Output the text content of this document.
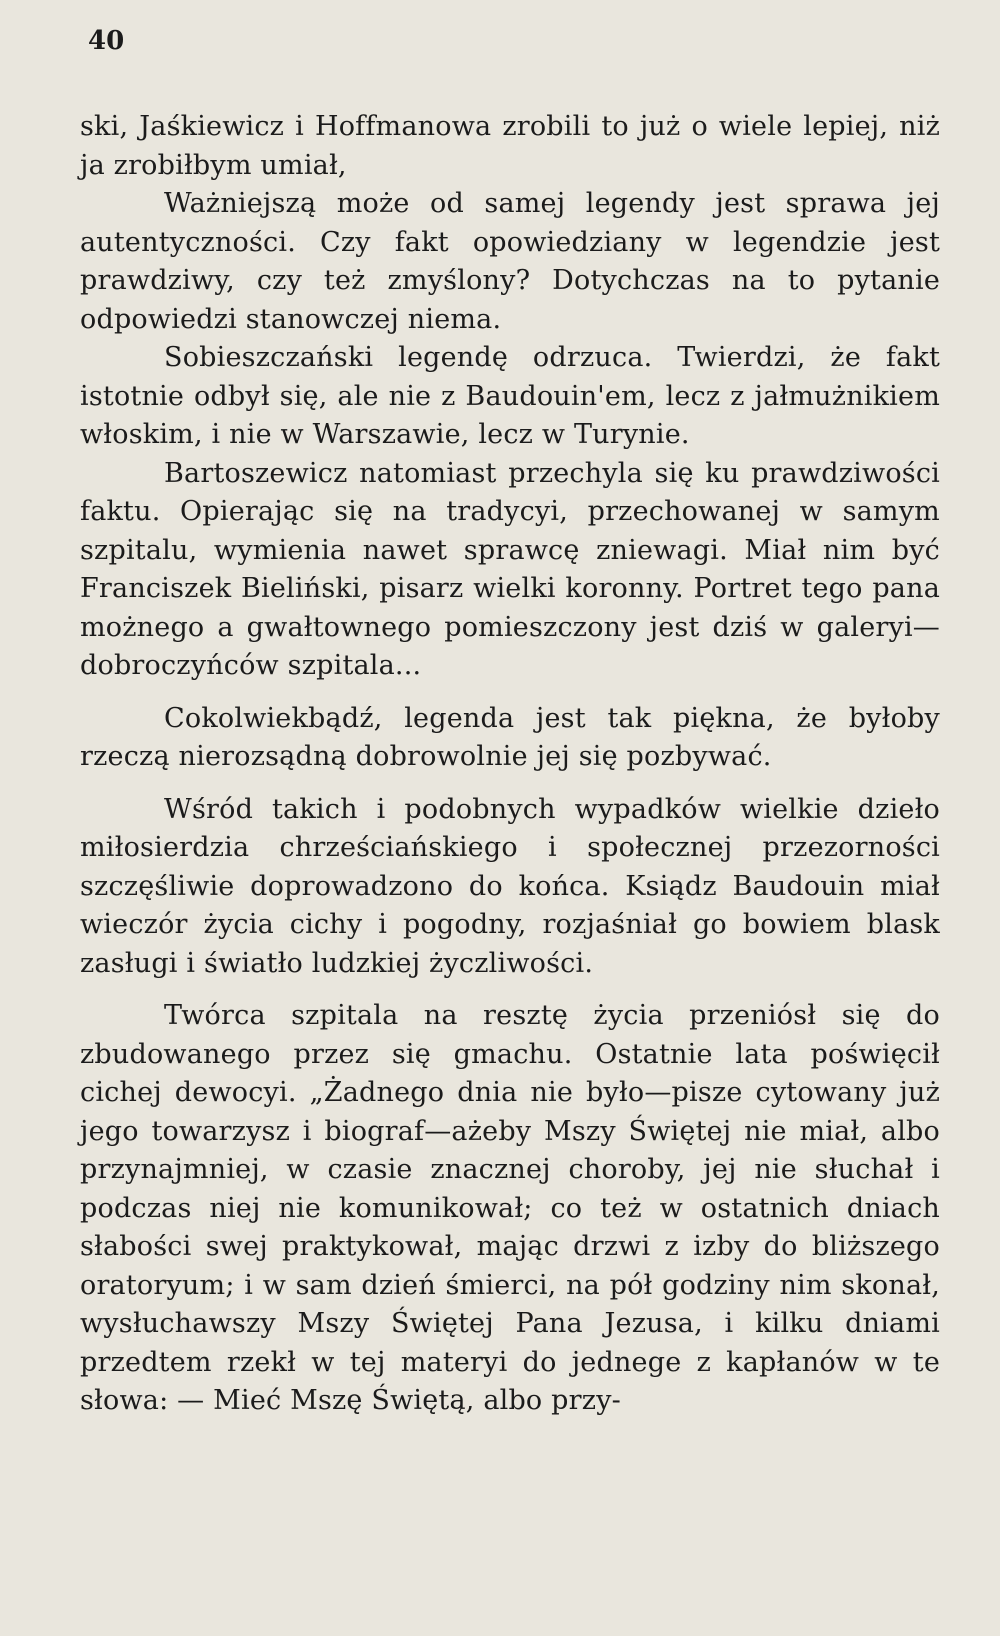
40

ski, Jaśkiewicz i Hoffmanowa zrobili to już o wiele lepiej, niż ja zrobiłbym umiał,

Ważniejszą może od samej legendy jest sprawa jej autentyczności. Czy fakt opowiedziany w legendzie jest prawdziwy, czy też zmyślony? Dotychczas na to pytanie odpowiedzi stanowczej niema.

Sobieszczański legendę odrzuca. Twierdzi, że fakt istotnie odbył się, ale nie z Baudouin'em, lecz z jałmużnikiem włoskim, i nie w Warszawie, lecz w Turynie.

Bartoszewicz natomiast przechyla się ku prawdziwości faktu. Opierając się na tradycyi, przechowanej w samym szpitalu, wymienia nawet sprawcę zniewagi. Miał nim być Franciszek Bieliński, pisarz wielki koronny. Portret tego pana możnego a gwałtownego pomieszczony jest dziś w galeryi—dobroczyńców szpitala...

Cokolwiekbądź, legenda jest tak piękna, że byłoby rzeczą nierozsądną dobrowolnie jej się pozbywać.

Wśród takich i podobnych wypadków wielkie dzieło miłosierdzia chrześciańskiego i społecznej przezorności szczęśliwie doprowadzono do końca. Ksiądz Baudouin miał wieczór życia cichy i pogodny, rozjaśniał go bowiem blask zasługi i światło ludzkiej życzliwości.

Twórca szpitala na resztę życia przeniósł się do zbudowanego przez się gmachu. Ostatnie lata poświęcił cichej dewocyi. „Żadnego dnia nie było—pisze cytowany już jego towarzysz i biograf—ażeby Mszy Świętej nie miał, albo przynajmniej, w czasie znacznej choroby, jej nie słuchał i podczas niej nie komunikował; co też w ostatnich dniach słabości swej praktykował, mając drzwi z izby do bliższego oratoryum; i w sam dzień śmierci, na pół godziny nim skonał, wysłuchawszy Mszy Świętej Pana Jezusa, i kilku dniami przedtem rzekł w tej materyi do jednege z kapłanów w te słowa: — Mieć Mszę Świętą, albo przy-
